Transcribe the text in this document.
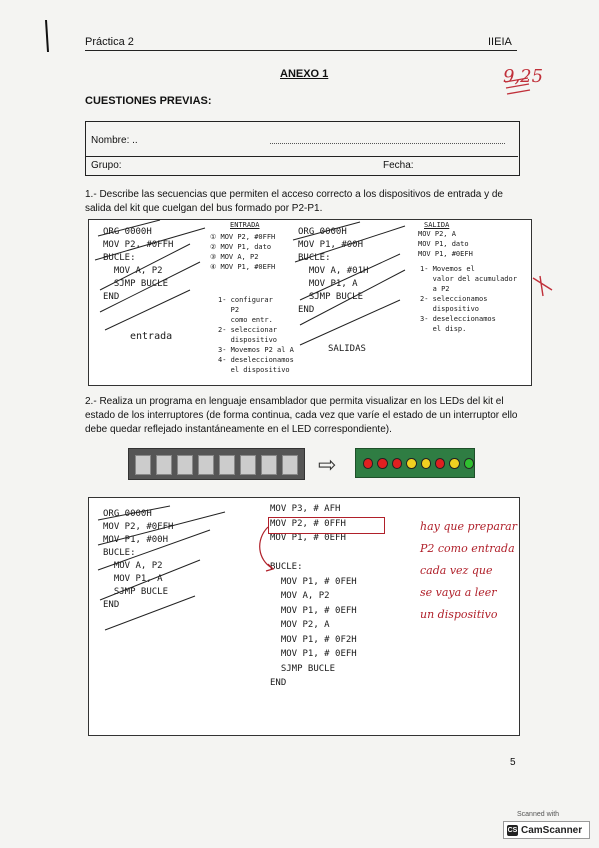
Práctica 2	IIEIA
ANEXO 1	9,25
CUESTIONES PREVIAS:
Nombre: ..
Grupo:	Fecha:
1.- Describe las secuencias que permiten el acceso correcto a los dispositivos de entrada y de salida del kit que cuelgan del bus formado por P2-P1.
ORG 0000H
MOV P2, #0FFH
BUCLE:
MOV A, P2
SJMP BUCLE
END
entrada
ENTRADA
① MOV P2, #0FFH
② MOV P1, dato
③ MOV A, P2
④ MOV P1, #0EFH
1- configurar
P2
como entr.
2- seleccionar
dispositivo
3- Movemos P2 al A
4- deseleccionamos
el dispositivo
ORG 0000H
MOV P1, #00H
BUCLE:
MOV A, #01H
MOV P1, A
SJMP BUCLE
END
SALIDAS
SALIDA
MOV P2, A
MOV P1, dato
MOV P1, #0EFH
1- Movemos el
valor del acumulador
a P2
2- seleccionamos
dispositivo
3- deseleccionamos
el disp.
2.- Realiza un programa en lenguaje ensamblador que permita visualizar en los LEDs del kit el estado de los interruptores (de forma continua, cada vez que varíe el estado de un interruptor ello debe quedar reflejado instantáneamente en el LED correspondiente).
⇨
ORG 0000H
MOV P2, #0FFH
MOV P1, #00H
BUCLE:
MOV A, P2
MOV P1, A
SJMP BUCLE
END
MOV P3, # AFH
MOV P2, # 0FFH
MOV P1, # 0EFH

BUCLE:
MOV P1, # 0FEH
MOV A, P2
MOV P1, # 0EFH
MOV P2, A
MOV P1, # 0F2H
MOV P1, # 0EFH
SJMP BUCLE
END
hay que preparar
P2 como entrada
cada vez que
se vaya a leer
un dispositivo
5
Scanned with
CS CamScanner
